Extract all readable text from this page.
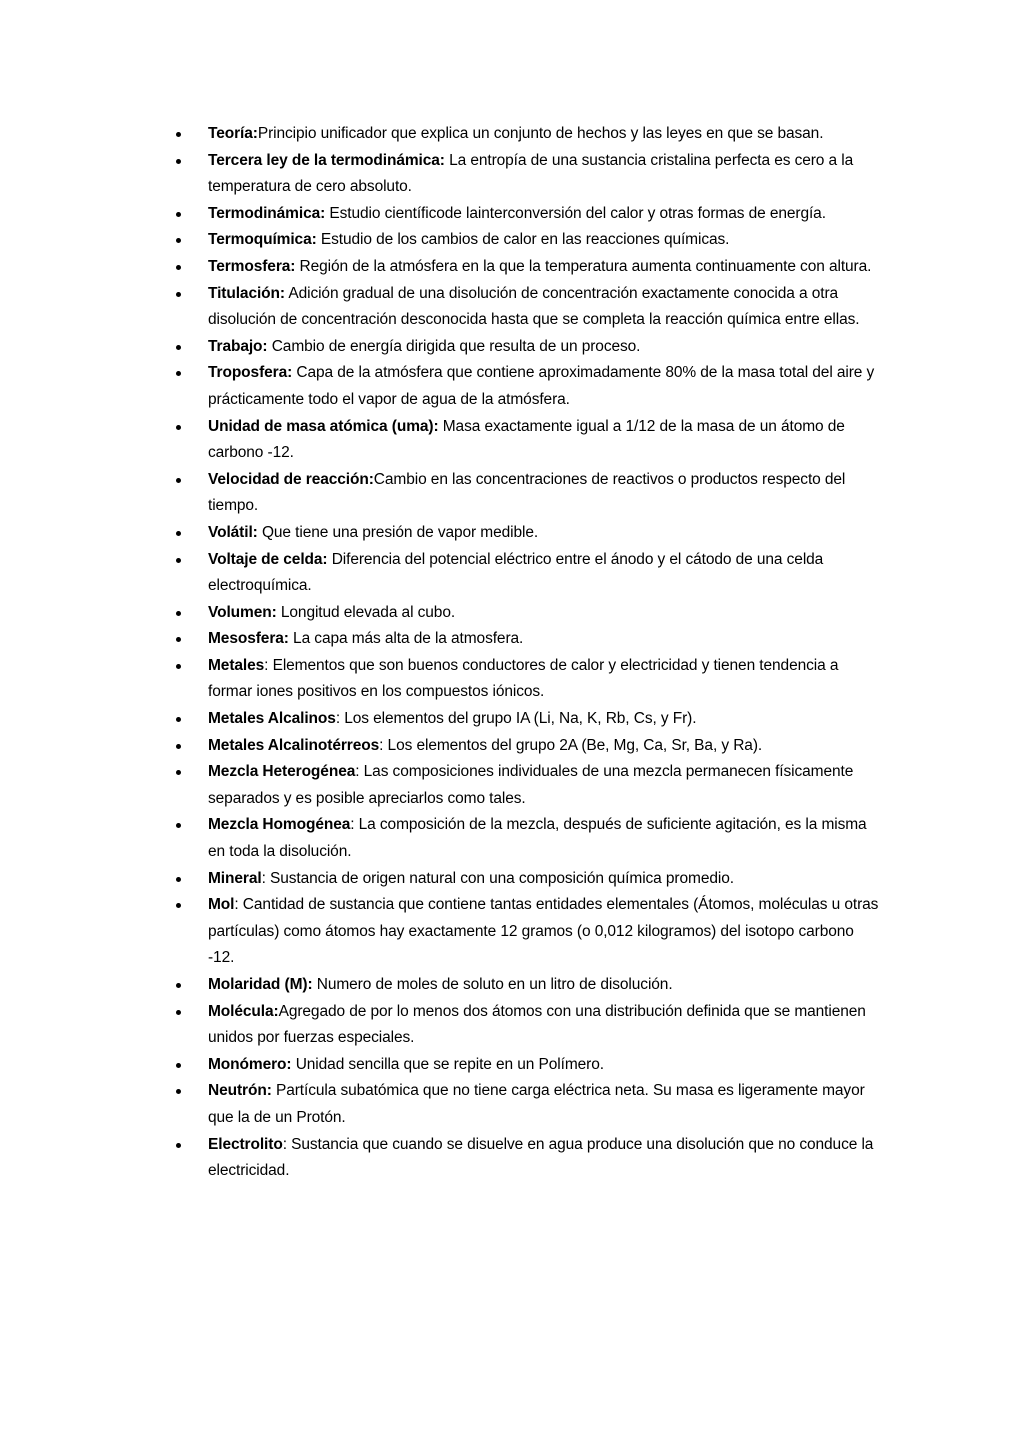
Teoría:Principio unificador que explica un conjunto de hechos y las leyes en que se basan.
Tercera ley de la termodinámica: La entropía de una sustancia cristalina perfecta es cero a la temperatura de cero absoluto.
Termodinámica: Estudio científicode lainterconversión del calor y otras formas de energía.
Termoquímica: Estudio de los cambios de calor en las reacciones químicas.
Termosfera: Región de la atmósfera en la que la temperatura aumenta continuamente con altura.
Titulación: Adición gradual de una disolución de concentración exactamente conocida a otra disolución de concentración desconocida hasta que se completa la reacción química entre ellas.
Trabajo: Cambio de energía dirigida que resulta de un proceso.
Troposfera: Capa de la atmósfera que contiene aproximadamente 80% de la masa total del aire y prácticamente todo el vapor de agua de la atmósfera.
Unidad de masa atómica (uma): Masa exactamente igual a 1/12 de la masa de un átomo de carbono -12.
Velocidad de reacción:Cambio en las concentraciones de reactivos o productos respecto del tiempo.
Volátil: Que tiene una presión de vapor medible.
Voltaje de celda: Diferencia del potencial eléctrico entre el ánodo y el cátodo de una celda electroquímica.
Volumen: Longitud elevada al cubo.
Mesosfera: La capa más alta de la atmosfera.
Metales: Elementos que son buenos conductores de calor y electricidad y tienen tendencia a formar iones positivos en los compuestos iónicos.
Metales Alcalinos: Los elementos del grupo IA (Li, Na, K, Rb, Cs, y Fr).
Metales Alcalinotérreos: Los elementos del grupo 2A (Be, Mg, Ca, Sr, Ba, y Ra).
Mezcla Heterogénea: Las composiciones individuales de una mezcla permanecen físicamente separados y es posible apreciarlos como tales.
Mezcla Homogénea: La composición de la mezcla, después de suficiente agitación, es la misma en toda la disolución.
Mineral: Sustancia de origen natural con una composición química promedio.
Mol: Cantidad de sustancia que contiene tantas entidades elementales (Átomos, moléculas u otras partículas) como átomos hay exactamente 12 gramos (o 0,012 kilogramos) del isotopo carbono -12.
Molaridad (M): Numero de moles de soluto en un litro de disolución.
Molécula:Agregado de por lo menos dos átomos con una distribución definida que se mantienen unidos por fuerzas especiales.
Monómero: Unidad sencilla que se repite en un Polímero.
Neutrón: Partícula subatómica que no tiene carga eléctrica neta. Su masa es ligeramente mayor que la de un Protón.
Electrolito: Sustancia que cuando se disuelve en agua produce una disolución que no conduce la electricidad.
